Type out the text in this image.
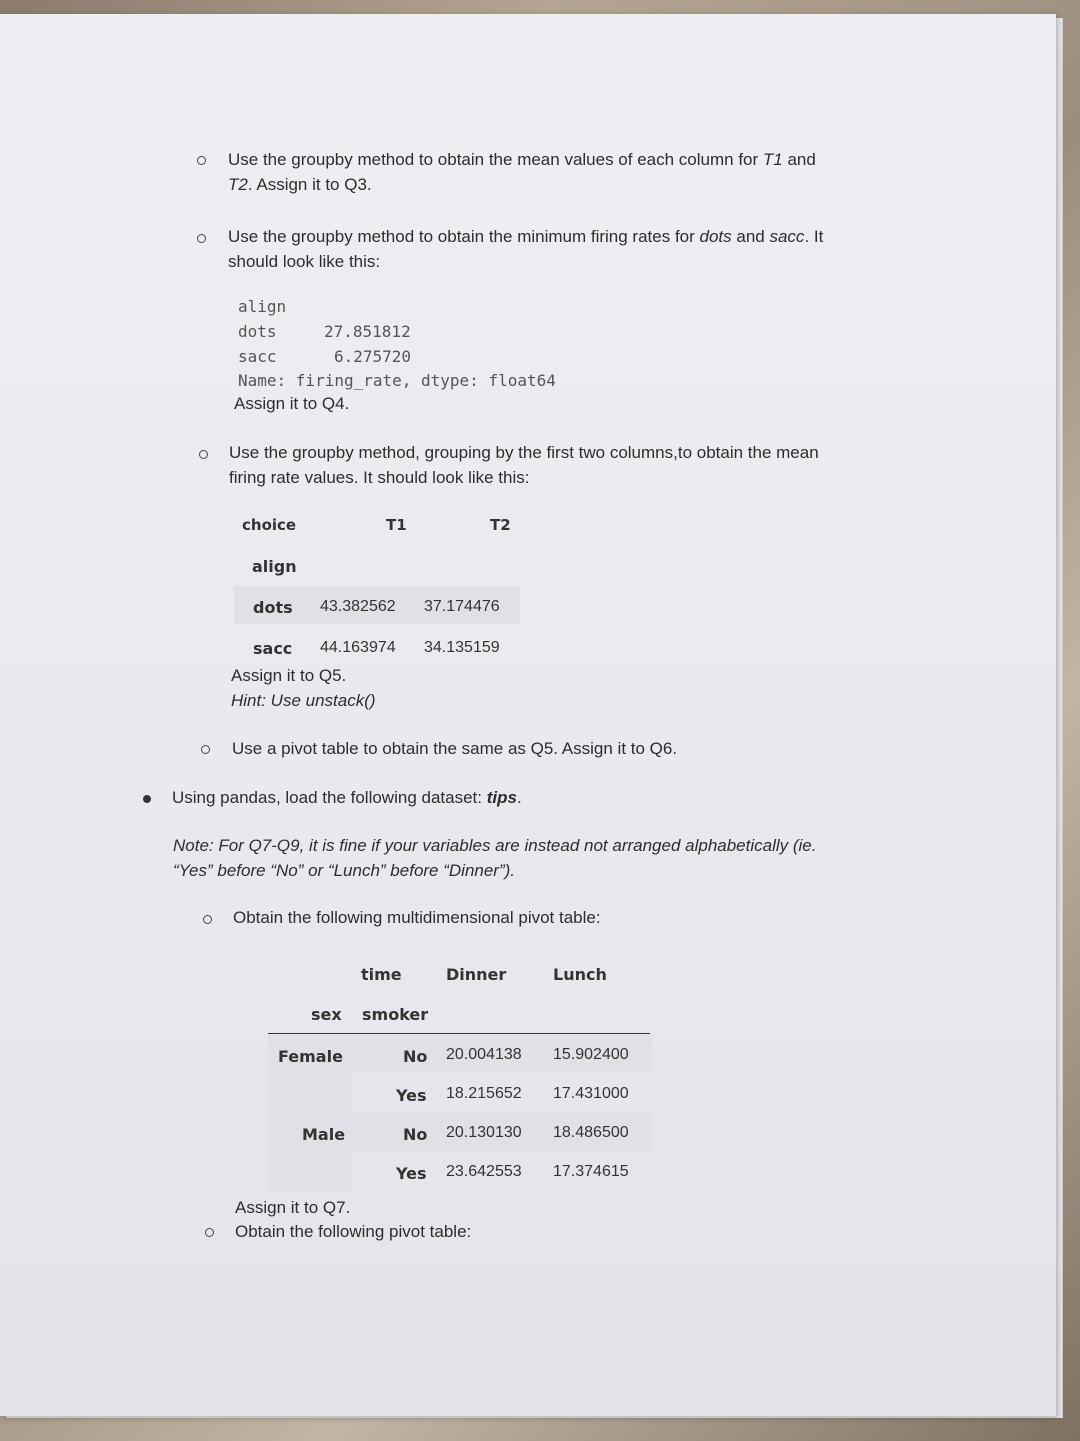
Use the groupby method to obtain the mean values of each column for T1 and
T2. Assign it to Q3.
Use the groupby method to obtain the minimum firing rates for dots and sacc. It
should look like this:
align
dots	27.851812
sacc	6.275720
Name: firing_rate, dtype: float64
Assign it to Q4.
Use the groupby method, grouping by the first two columns,to obtain the mean
firing rate values. It should look like this:
choice	T1	T2
align
dots 43.382562 37.174476
sacc 44.163974 34.135159
Assign it to Q5.
Hint: Use unstack()
Use a pivot table to obtain the same as Q5. Assign it to Q6.
Using pandas, load the following dataset: tips.
Note: For Q7-Q9, it is fine if your variables are instead not arranged alphabetically (ie.
“Yes” before “No” or “Lunch” before “Dinner”).
Obtain the following multidimensional pivot table:
time	Dinner	Lunch
sex smoker
Female	No 20.004138 15.902400
Yes 18.215652 17.431000
Male	No 20.130130 18.486500
Yes 23.642553 17.374615
Assign it to Q7.
Obtain the following pivot table:
